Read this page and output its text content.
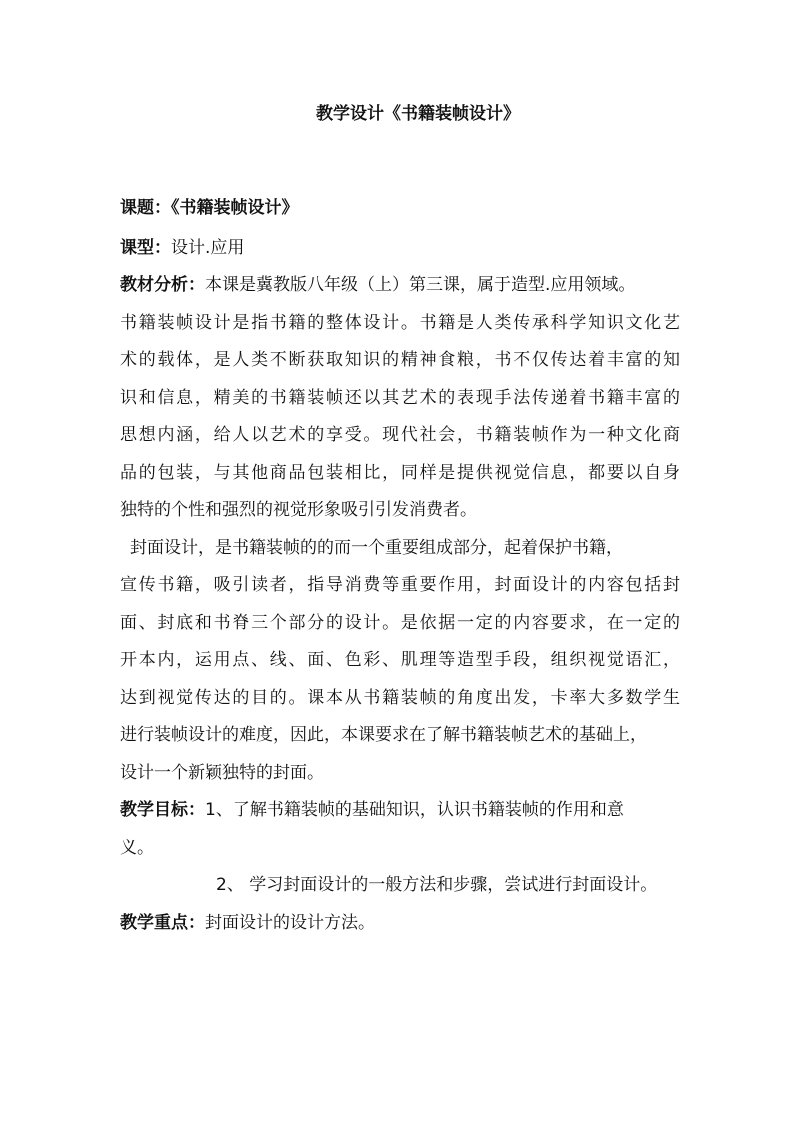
教学设计《书籍装帧设计》

课题：《书籍装帧设计》

课型：设计.应用

教材分析：本课是冀教版八年级（上）第三课，属于造型.应用领域。

书籍装帧设计是指书籍的整体设计。书籍是人类传承科学知识文化艺

术的载体，是人类不断获取知识的精神食粮，书不仅传达着丰富的知

识和信息，精美的书籍装帧还以其艺术的表现手法传递着书籍丰富的

思想内涵，给人以艺术的享受。现代社会，书籍装帧作为一种文化商

品的包装，与其他商品包装相比，同样是提供视觉信息，都要以自身

独特的个性和强烈的视觉形象吸引引发消费者。

封面设计，是书籍装帧的的而一个重要组成部分，起着保护书籍，

宣传书籍，吸引读者，指导消费等重要作用，封面设计的内容包括封

面、封底和书脊三个部分的设计。是依据一定的内容要求，在一定的

开本内，运用点、线、面、色彩、肌理等造型手段，组织视觉语汇，

达到视觉传达的目的。课本从书籍装帧的角度出发，卡率大多数学生

进行装帧设计的难度，因此，本课要求在了解书籍装帧艺术的基础上，

设计一个新颖独特的封面。

教学目标：1、了解书籍装帧的基础知识，认识书籍装帧的作用和意

义。

2、 学习封面设计的一般方法和步骤，尝试进行封面设计。

教学重点：封面设计的设计方法。
